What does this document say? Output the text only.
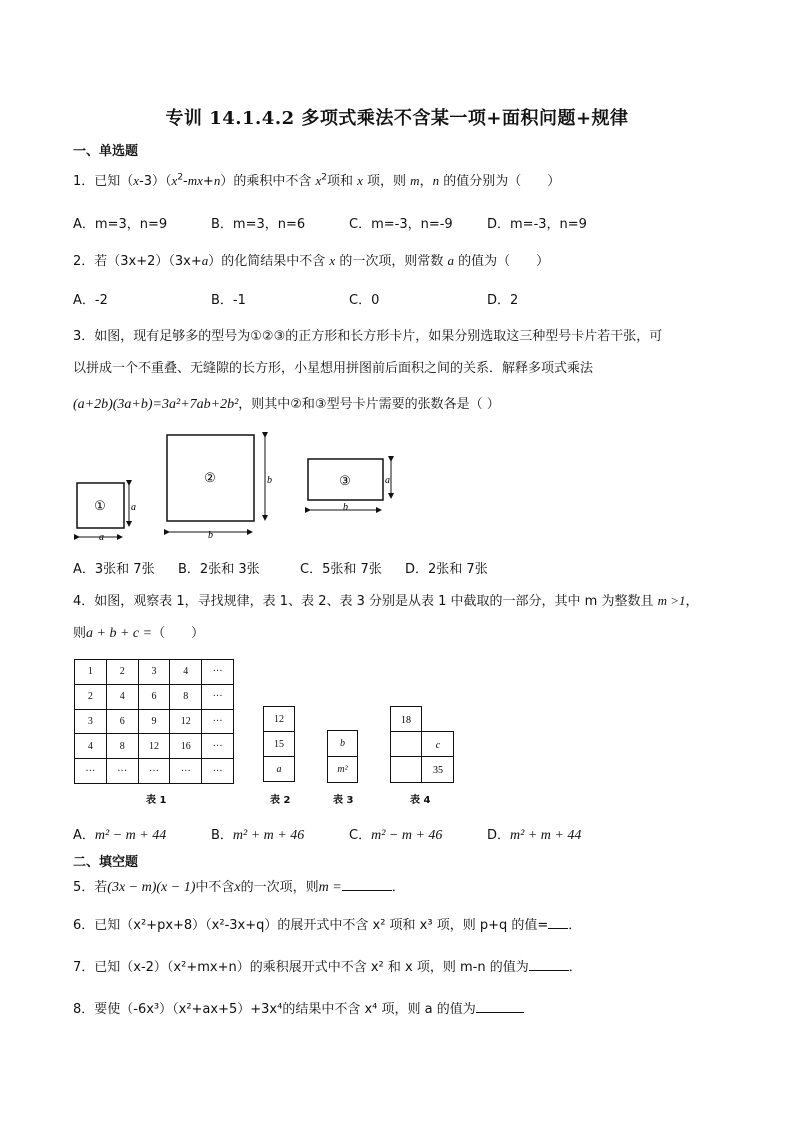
专训 14.1.4.2 多项式乘法不含某一项+面积问题+规律
一、单选题
1．已知$(x-3)(x^2-mx+n)$的乘积中不含 $x^2$项和 x 项，则 m，n 的值分别为（　　）
A．m=3，n=9	B．m=3，n=6	C．m=-3，n=-9	D．m=-3，n=9
2．若（3x+2）（3x+a）的化简结果中不含 x 的一次项，则常数 a 的值为（　　）
A．-2	B．-1	C．0	D．2
3．如图，现有足够多的型号为①②③的正方形和长方形卡片，如果分别选取这三种型号卡片若干张，可
以拼成一个不重叠、无缝隙的长方形，小星想用拼图前后面积之间的关系．解释多项式乘法
(a+2b)(3a+b)=3a²+7ab+2b²，则其中②和③型号卡片需要的张数各是（ ）
①	a
a
②	b
b
③	a
b
A．3张和 7张 B．2张和 3张	C．5张和 7张 D．2张和 7张
4．如图，观察表 1，寻找规律，表 1、表 2、表 3 分别是从表 1 中截取的一部分，其中 m 为整数且 m >1，
则a + b + c =（　　）
1	2	3	4	···
2	4	6	8	···
3	6	9	12	···
4	8	12	16	···
···	···	···	···	···
表 1
12
15
a
表 2
b
m²
表 3
18
c
35
表 4
A．m² − m + 44	B．m² + m + 46	C．m² − m + 46	D．m² + m + 44
二、填空题
5．若(3x − m)(x − 1)中不含x的一次项，则m =	．
6．已知（x²+px+8）（x²-3x+q）的展开式中不含 x² 项和 x³ 项，则 p+q 的值= ．
7．已知（x-2）（x²+mx+n）的乘积展开式中不含 x² 和 x 项，则 m-n 的值为	．
8．要使（-6x³）（x²+ax+5）+3x⁴的结果中不含 x⁴ 项，则 a 的值为
